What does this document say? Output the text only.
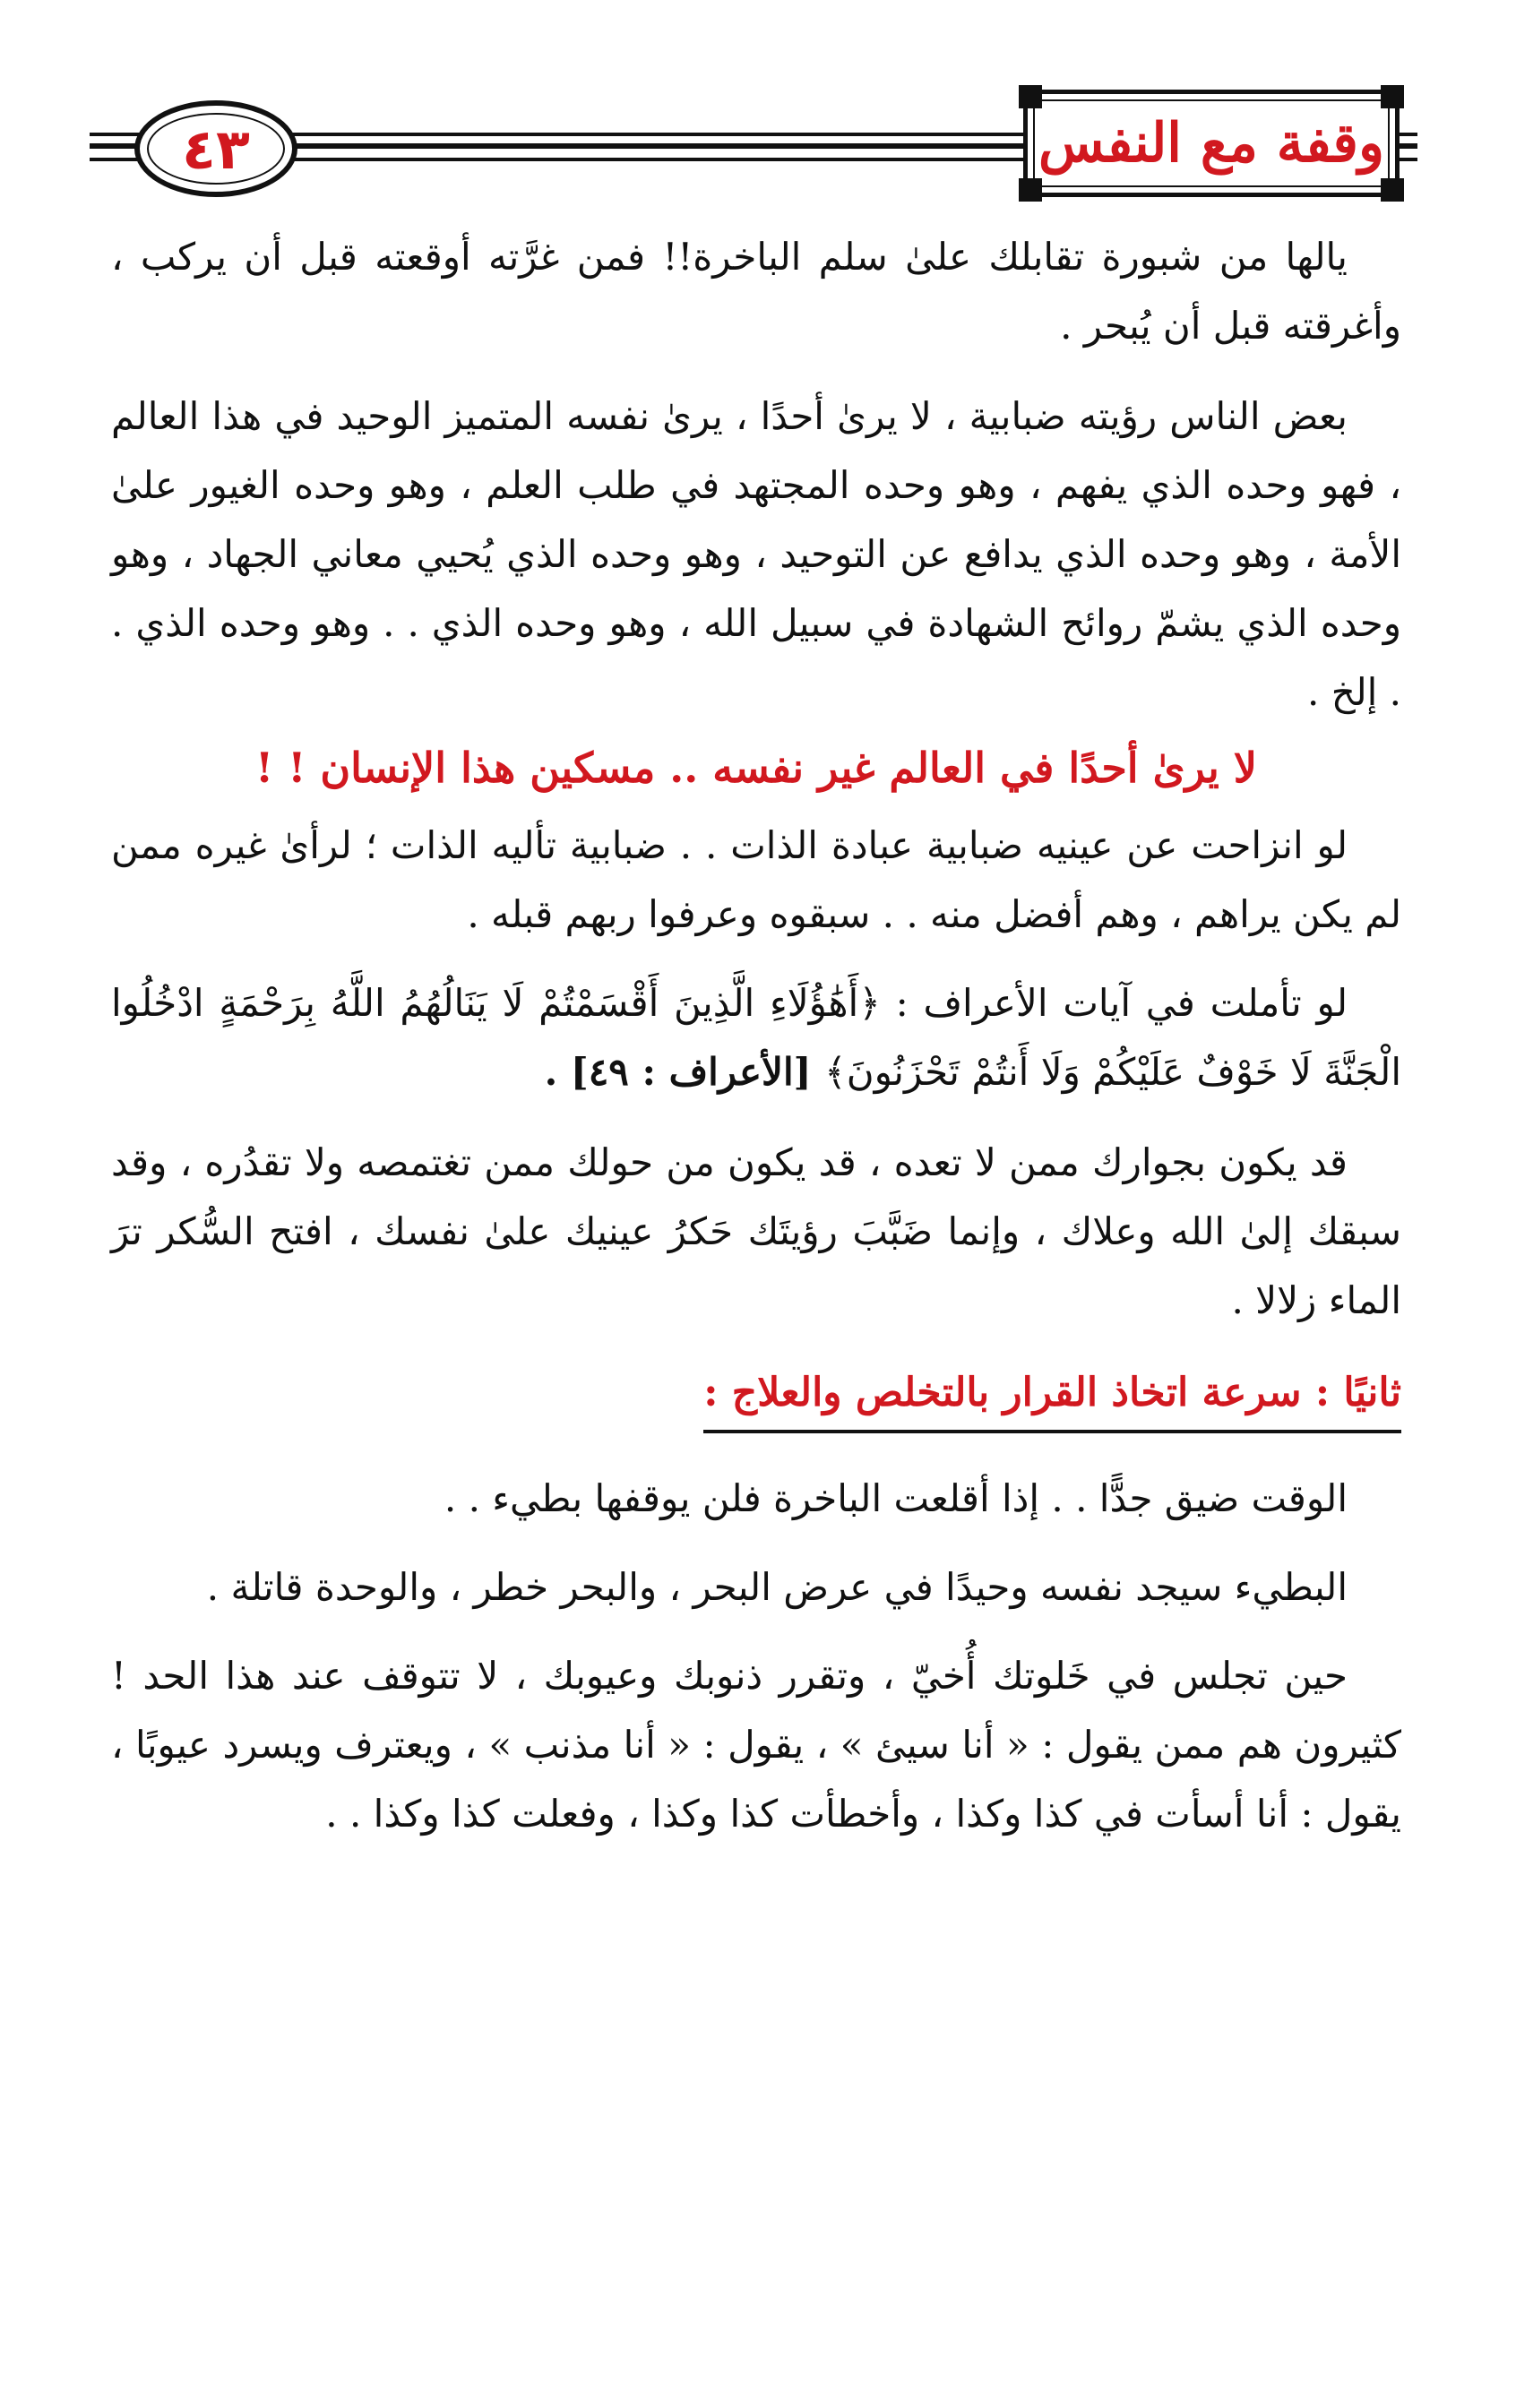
٤٣	وقفة مع النفس

يالها من شبورة تقابلك علىٰ سلم الباخرة!! فمن غرَّته أوقعته قبل أن يركب ، وأغرقته قبل أن يُبحر .

بعض الناس رؤيته ضبابية ، لا يرىٰ أحدًا ، يرىٰ نفسه المتميز الوحيد في هذا العالم ، فهو وحده الذي يفهم ، وهو وحده المجتهد في طلب العلم ، وهو وحده الغيور علىٰ الأمة ، وهو وحده الذي يدافع عن التوحيد ، وهو وحده الذي يُحيي معاني الجهاد ، وهو وحده الذي يشمّ روائح الشهادة في سبيل الله ، وهو وحده الذي . . وهو وحده الذي . . إلخ .

لا يرىٰ أحدًا في العالم غير نفسه .. مسكين هذا الإنسان ! !

لو انزاحت عن عينيه ضبابية عبادة الذات . . ضبابية تأليه الذات ؛ لرأىٰ غيره ممن لم يكن يراهم ، وهم أفضل منه . . سبقوه وعرفوا ربهم قبله .

لو تأملت في آيات الأعراف : ﴿أَهَٰؤُلَاءِ الَّذِينَ أَقْسَمْتُمْ لَا يَنَالُهُمُ اللَّهُ بِرَحْمَةٍ ادْخُلُوا الْجَنَّةَ لَا خَوْفٌ عَلَيْكُمْ وَلَا أَنتُمْ تَحْزَنُونَ﴾ [الأعراف : ٤٩] .

قد يكون بجوارك ممن لا تعده ، قد يكون من حولك ممن تغتمصه ولا تقدُره ، وقد سبقك إلىٰ الله وعلاك ، وإنما ضَبَّبَ رؤيتَك حَكرُ عينيك علىٰ نفسك ، افتح السُّكر ترَ الماء زلالا .

ثانيًا : سرعة اتخاذ القرار بالتخلص والعلاج :

الوقت ضيق جدًّا . . إذا أقلعت الباخرة فلن يوقفها بطيء . .

البطيء سيجد نفسه وحيدًا في عرض البحر ، والبحر خطر ، والوحدة قاتلة .

حين تجلس في خَلوتك أُخيّ ، وتقرر ذنوبك وعيوبك ، لا تتوقف عند هذا الحد ! كثيرون هم ممن يقول : « أنا سيئ » ، يقول : « أنا مذنب » ، ويعترف ويسرد عيوبًا ، يقول : أنا أسأت في كذا وكذا ، وأخطأت كذا وكذا ، وفعلت كذا وكذا . .
